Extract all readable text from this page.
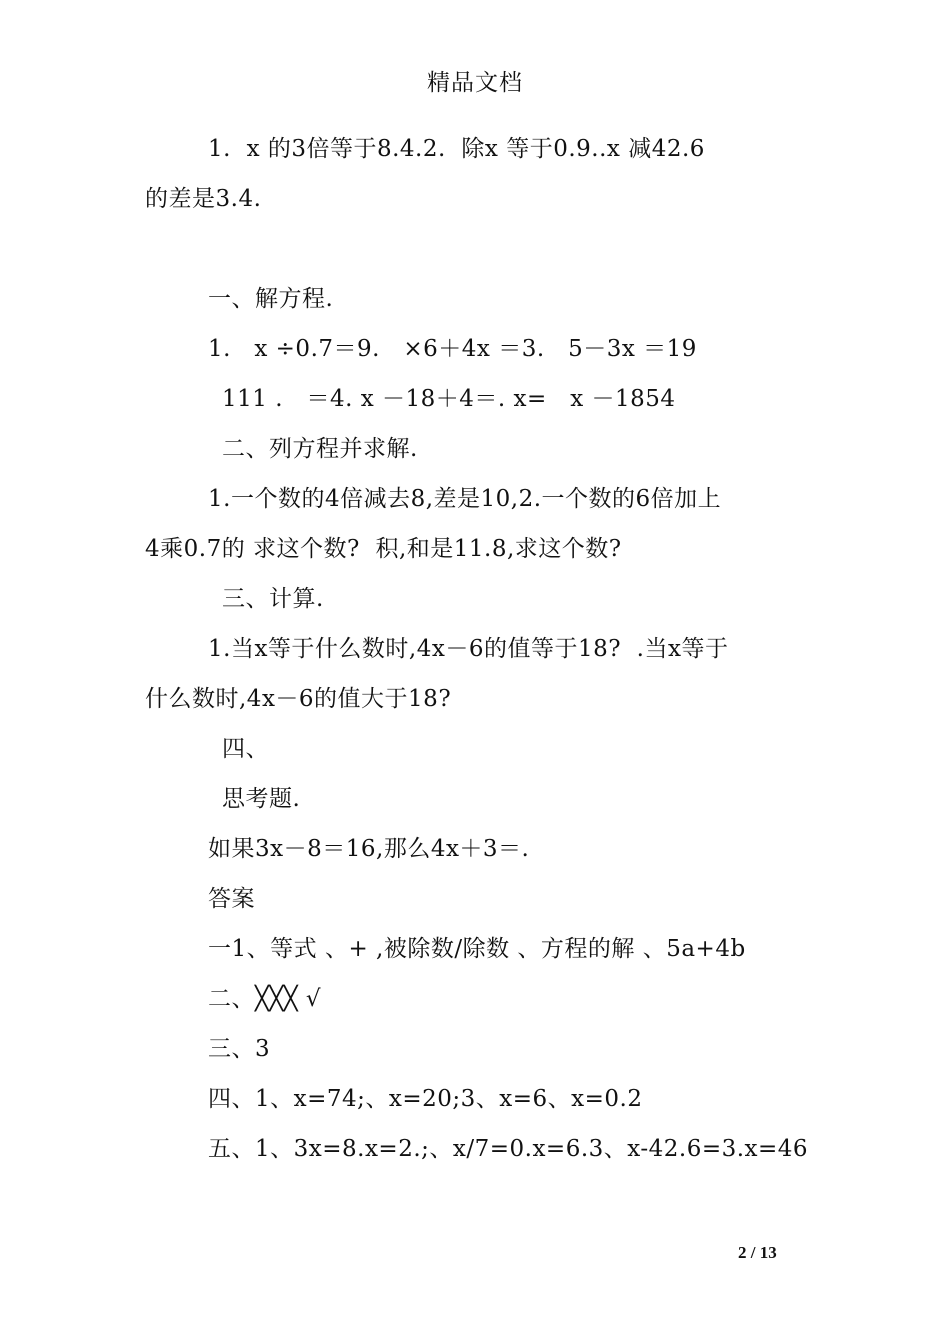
精品文档
1.  x 的3倍等于8.4.2.  除x 等于0.9..x 减42.6
的差是3.4.
一、解方程.
1.   x ÷0.7＝9.   ×6＋4x ＝3.   5－3x ＝19
111 .   ＝4. x －18＋4＝. x=   x －1854
二、列方程并求解.
1.一个数的4倍减去8,差是10,2.一个数的6倍加上
4乘0.7的 求这个数?  积,和是11.8,求这个数?
三、计算.
1.当x等于什么数时,4x－6的值等于18?  .当x等于
什么数时,4x－6的值大于18?
四、
思考题.
如果3x－8＝16,那么4x＋3＝.
答案
一1、等式 、+ ,被除数/除数 、方程的解 、5a+4b
二、╳╳╳ √
三、3
四、1、x=74;、x=20;3、x=6、x=0.2
五、1、3x=8.x=2.;、x/7=0.x=6.3、x-42.6=3.x=46
2 / 13
